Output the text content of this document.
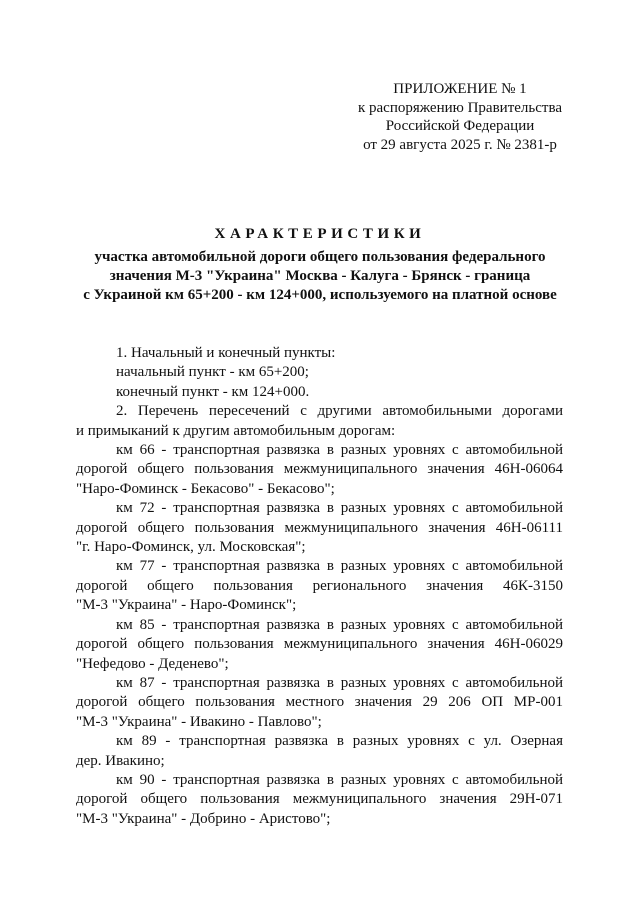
ПРИЛОЖЕНИЕ № 1
к распоряжению Правительства
Российской Федерации
от 29 августа 2025 г. № 2381-р
ХАРАКТЕРИСТИКИ
участка автомобильной дороги общего пользования федерального
значения М-3 "Украина" Москва - Калуга - Брянск - граница
с Украиной км 65+200 - км 124+000, используемого на платной основе
1. Начальный и конечный пункты:
начальный пункт - км 65+200;
конечный пункт - км 124+000.
2. Перечень пересечений с другими автомобильными дорогами
и примыканий к другим автомобильным дорогам:
км 66 - транспортная развязка в разных уровнях с автомобильной
дорогой общего пользования межмуниципального значения 46Н-06064
"Наро-Фоминск - Бекасово" - Бекасово";
км 72 - транспортная развязка в разных уровнях с автомобильной
дорогой общего пользования межмуниципального значения 46Н-06111
"г. Наро-Фоминск, ул. Московская";
км 77 - транспортная развязка в разных уровнях с автомобильной
дорогой общего пользования регионального значения 46К-3150
"М-3 "Украина" - Наро-Фоминск";
км 85 - транспортная развязка в разных уровнях с автомобильной
дорогой общего пользования межмуниципального значения 46Н-06029
"Нефедово - Деденево";
км 87 - транспортная развязка в разных уровнях с автомобильной
дорогой общего пользования местного значения 29 206 ОП МР-001
"М-3 "Украина" - Ивакино - Павлово";
км 89 - транспортная развязка в разных уровнях с ул. Озерная
дер. Ивакино;
км 90 - транспортная развязка в разных уровнях с автомобильной
дорогой общего пользования межмуниципального значения 29Н-071
"М-3 "Украина" - Добрино - Аристово";
